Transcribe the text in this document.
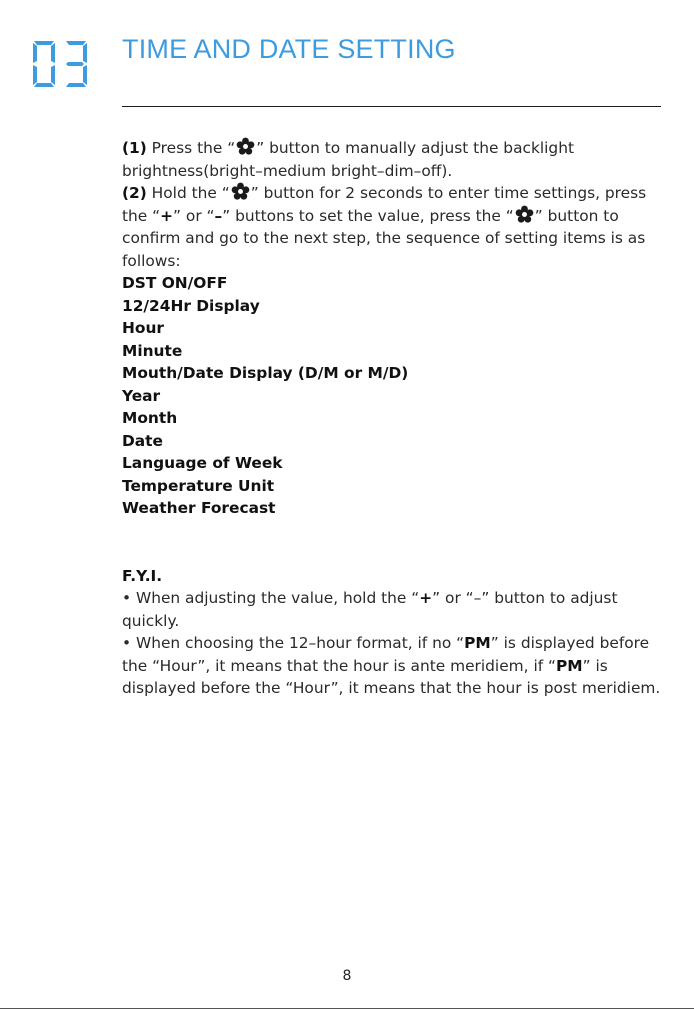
TIME AND DATE SETTING

(1) Press the “ ” button to manually adjust the backlight brightness(bright–medium bright–dim–off).

(2) Hold the “ ” button for 2 seconds to enter time settings, press the “+” or “–” buttons to set the value, press the “ ” button to confirm and go to the next step, the sequence of setting items is as follows:

DST ON/OFF
12/24Hr Display
Hour
Minute
Mouth/Date Display (D/M or M/D)
Year
Month
Date
Language of Week
Temperature Unit
Weather Forecast

F.Y.I.

• When adjusting the value, hold the “+” or “–” button to adjust quickly.

• When choosing the 12–hour format, if no “PM” is displayed before the “Hour”, it means that the hour is ante meridiem, if “PM” is displayed before the “Hour”, it means that the hour is post meridiem.

8
